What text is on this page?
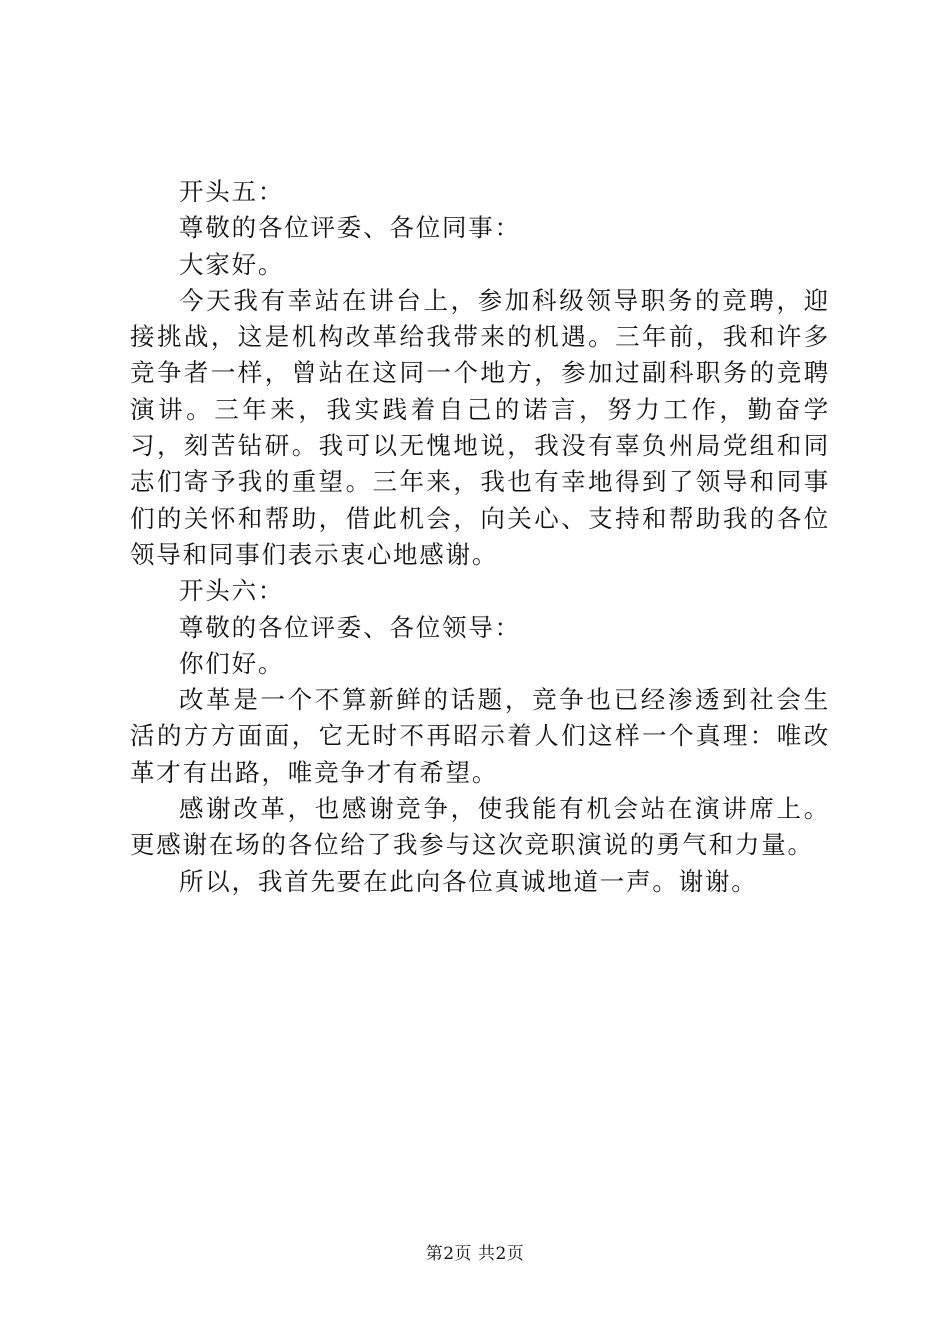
开头五：

尊敬的各位评委、各位同事：

大家好。

今天我有幸站在讲台上，参加科级领导职务的竞聘，迎接挑战，这是机构改革给我带来的机遇。三年前，我和许多竞争者一样，曾站在这同一个地方，参加过副科职务的竞聘演讲。三年来，我实践着自己的诺言，努力工作，勤奋学习，刻苦钻研。我可以无愧地说，我没有辜负州局党组和同志们寄予我的重望。三年来，我也有幸地得到了领导和同事们的关怀和帮助，借此机会，向关心、支持和帮助我的各位领导和同事们表示衷心地感谢。

开头六：

尊敬的各位评委、各位领导：

你们好。

改革是一个不算新鲜的话题，竞争也已经渗透到社会生活的方方面面，它无时不再昭示着人们这样一个真理：唯改革才有出路，唯竞争才有希望。

感谢改革，也感谢竞争，使我能有机会站在演讲席上。更感谢在场的各位给了我参与这次竞职演说的勇气和力量。

所以，我首先要在此向各位真诚地道一声。谢谢。

第2页 共2页
